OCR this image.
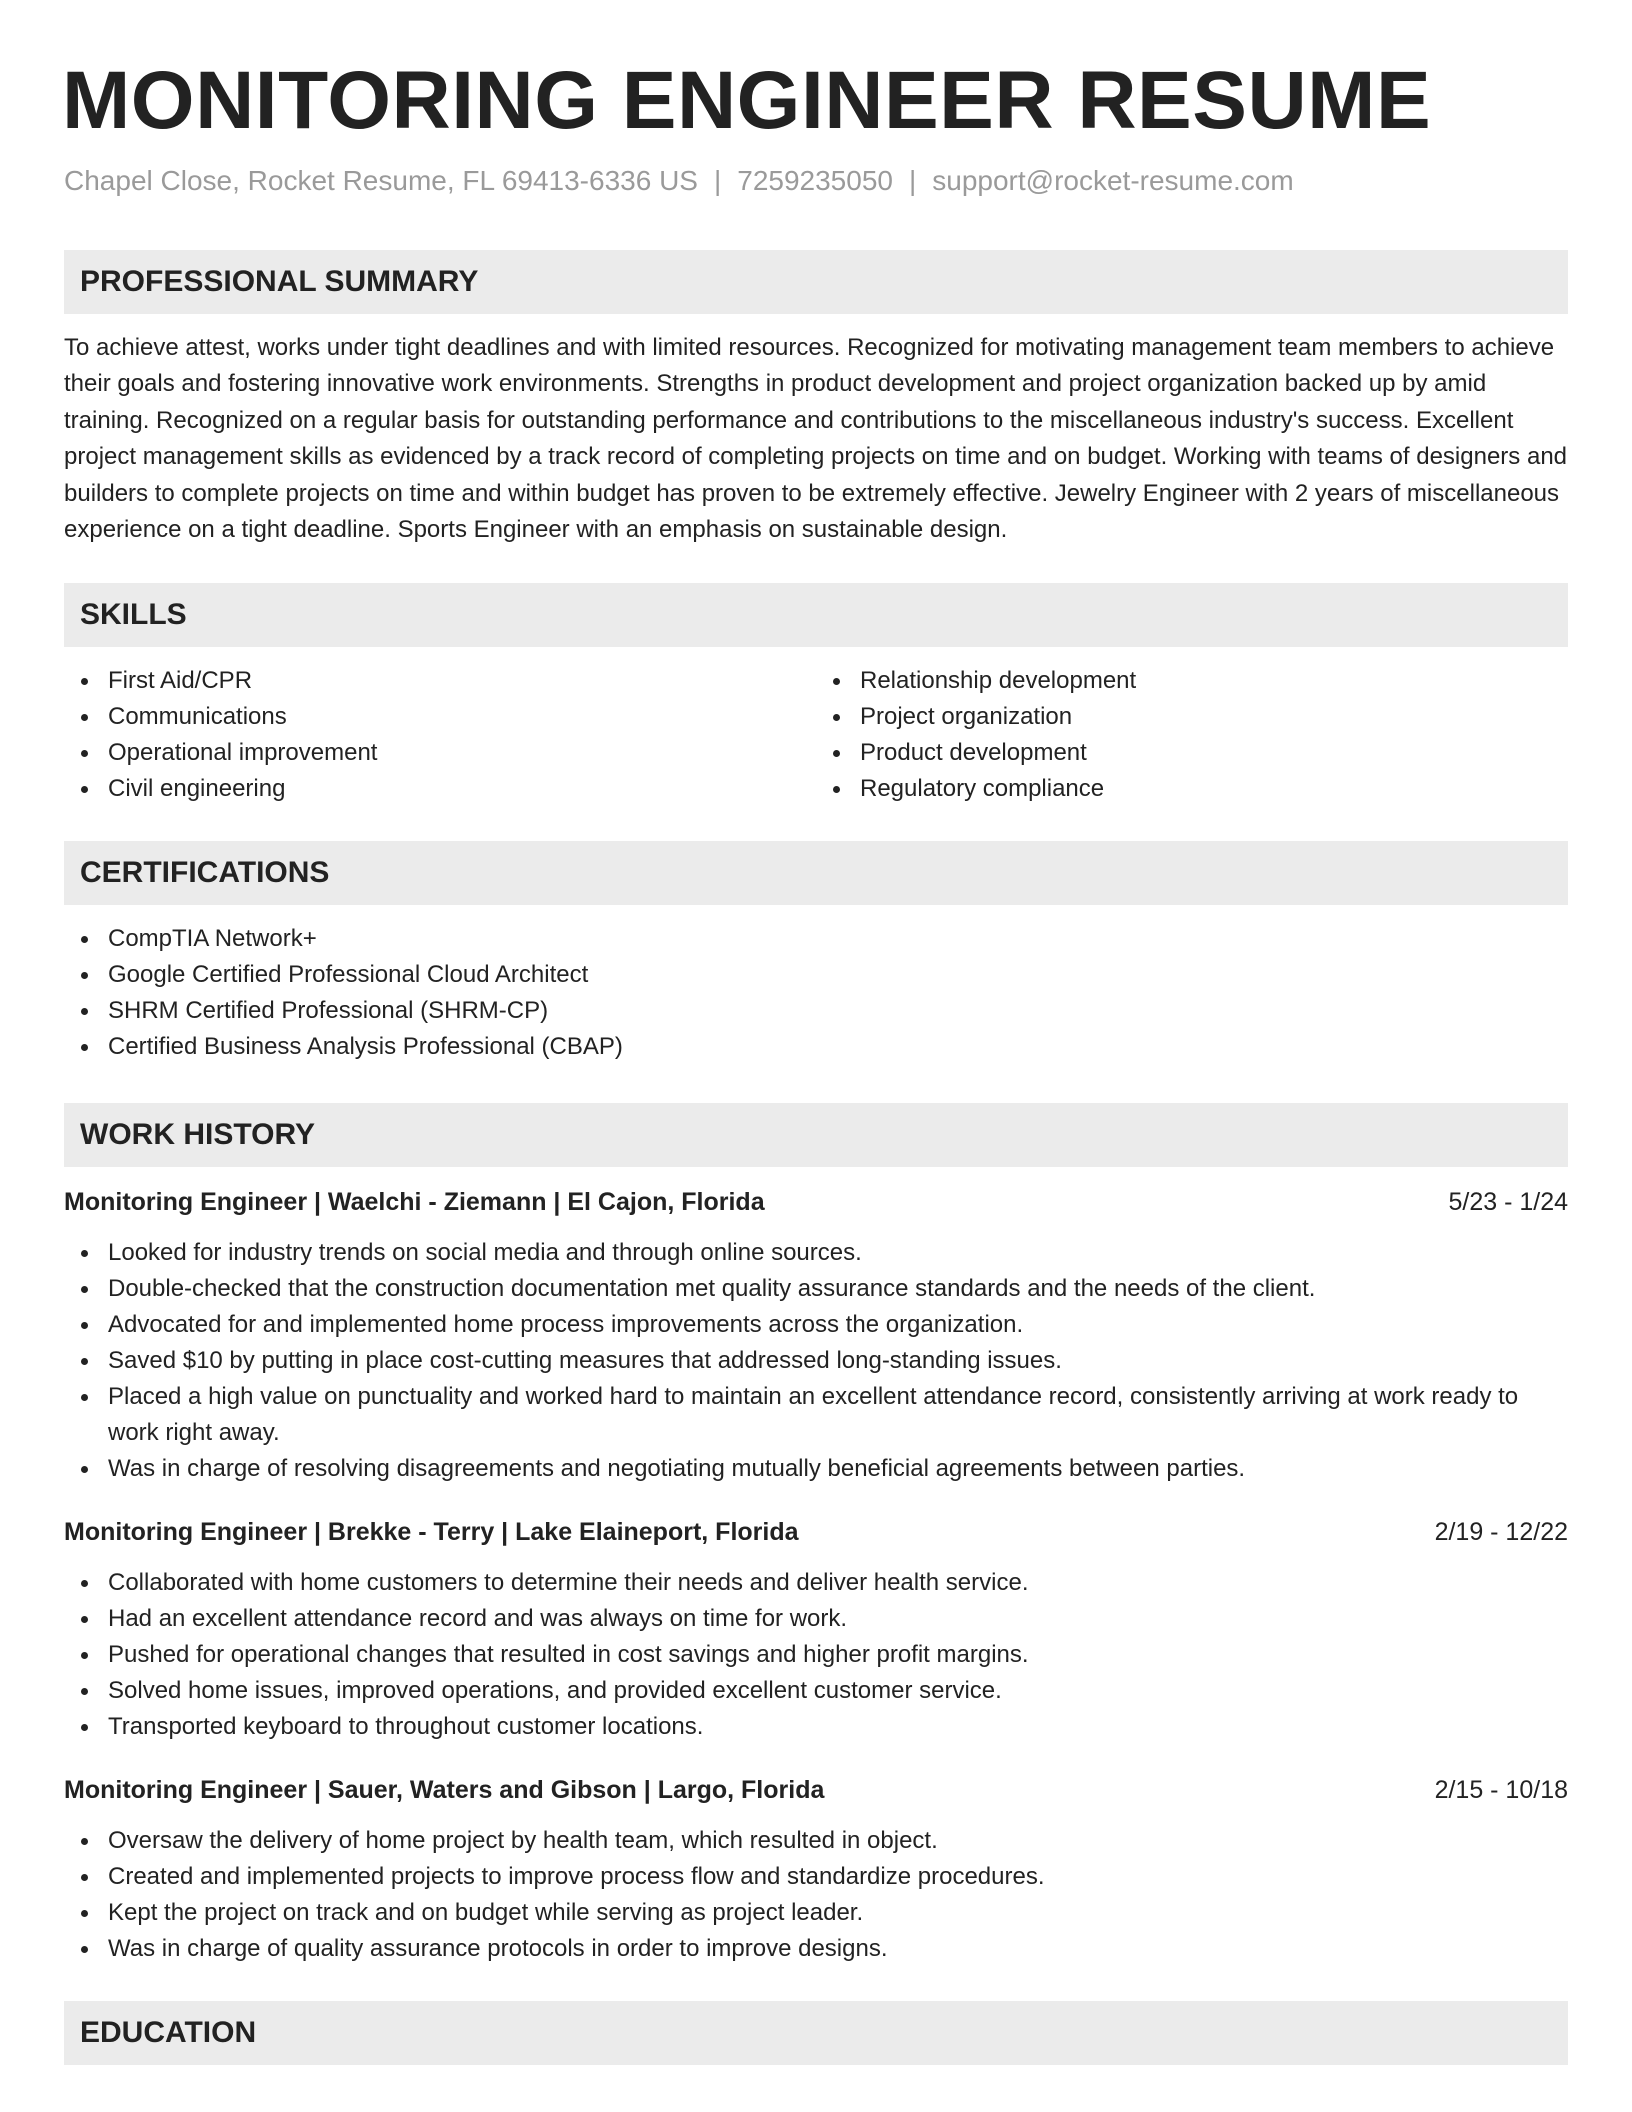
MONITORING ENGINEER RESUME
Chapel Close, Rocket Resume, FL 69413-6336 US | 7259235050 | support@rocket-resume.com
PROFESSIONAL SUMMARY

To achieve attest, works under tight deadlines and with limited resources. Recognized for motivating management team members to achieve their goals and fostering innovative work environments. Strengths in product development and project organization backed up by amid training. Recognized on a regular basis for outstanding performance and contributions to the miscellaneous industry's success. Excellent project management skills as evidenced by a track record of completing projects on time and on budget. Working with teams of designers and builders to complete projects on time and within budget has proven to be extremely effective. Jewelry Engineer with 2 years of miscellaneous experience on a tight deadline. Sports Engineer with an emphasis on sustainable design.

SKILLS
First Aid/CPR
Communications
Operational improvement
Civil engineering
Relationship development
Project organization
Product development
Regulatory compliance
CERTIFICATIONS
CompTIA Network+
Google Certified Professional Cloud Architect
SHRM Certified Professional (SHRM-CP)
Certified Business Analysis Professional (CBAP)
WORK HISTORY
Monitoring Engineer | Waelchi - Ziemann | El Cajon, Florida	5/23 - 1/24
Looked for industry trends on social media and through online sources.
Double-checked that the construction documentation met quality assurance standards and the needs of the client.
Advocated for and implemented home process improvements across the organization.
Saved $10 by putting in place cost-cutting measures that addressed long-standing issues.
Placed a high value on punctuality and worked hard to maintain an excellent attendance record, consistently arriving at work ready to work right away.
Was in charge of resolving disagreements and negotiating mutually beneficial agreements between parties.
Monitoring Engineer | Brekke - Terry | Lake Elaineport, Florida	2/19 - 12/22
Collaborated with home customers to determine their needs and deliver health service.
Had an excellent attendance record and was always on time for work.
Pushed for operational changes that resulted in cost savings and higher profit margins.
Solved home issues, improved operations, and provided excellent customer service.
Transported keyboard to throughout customer locations.
Monitoring Engineer | Sauer, Waters and Gibson | Largo, Florida	2/15 - 10/18
Oversaw the delivery of home project by health team, which resulted in object.
Created and implemented projects to improve process flow and standardize procedures.
Kept the project on track and on budget while serving as project leader.
Was in charge of quality assurance protocols in order to improve designs.
EDUCATION
